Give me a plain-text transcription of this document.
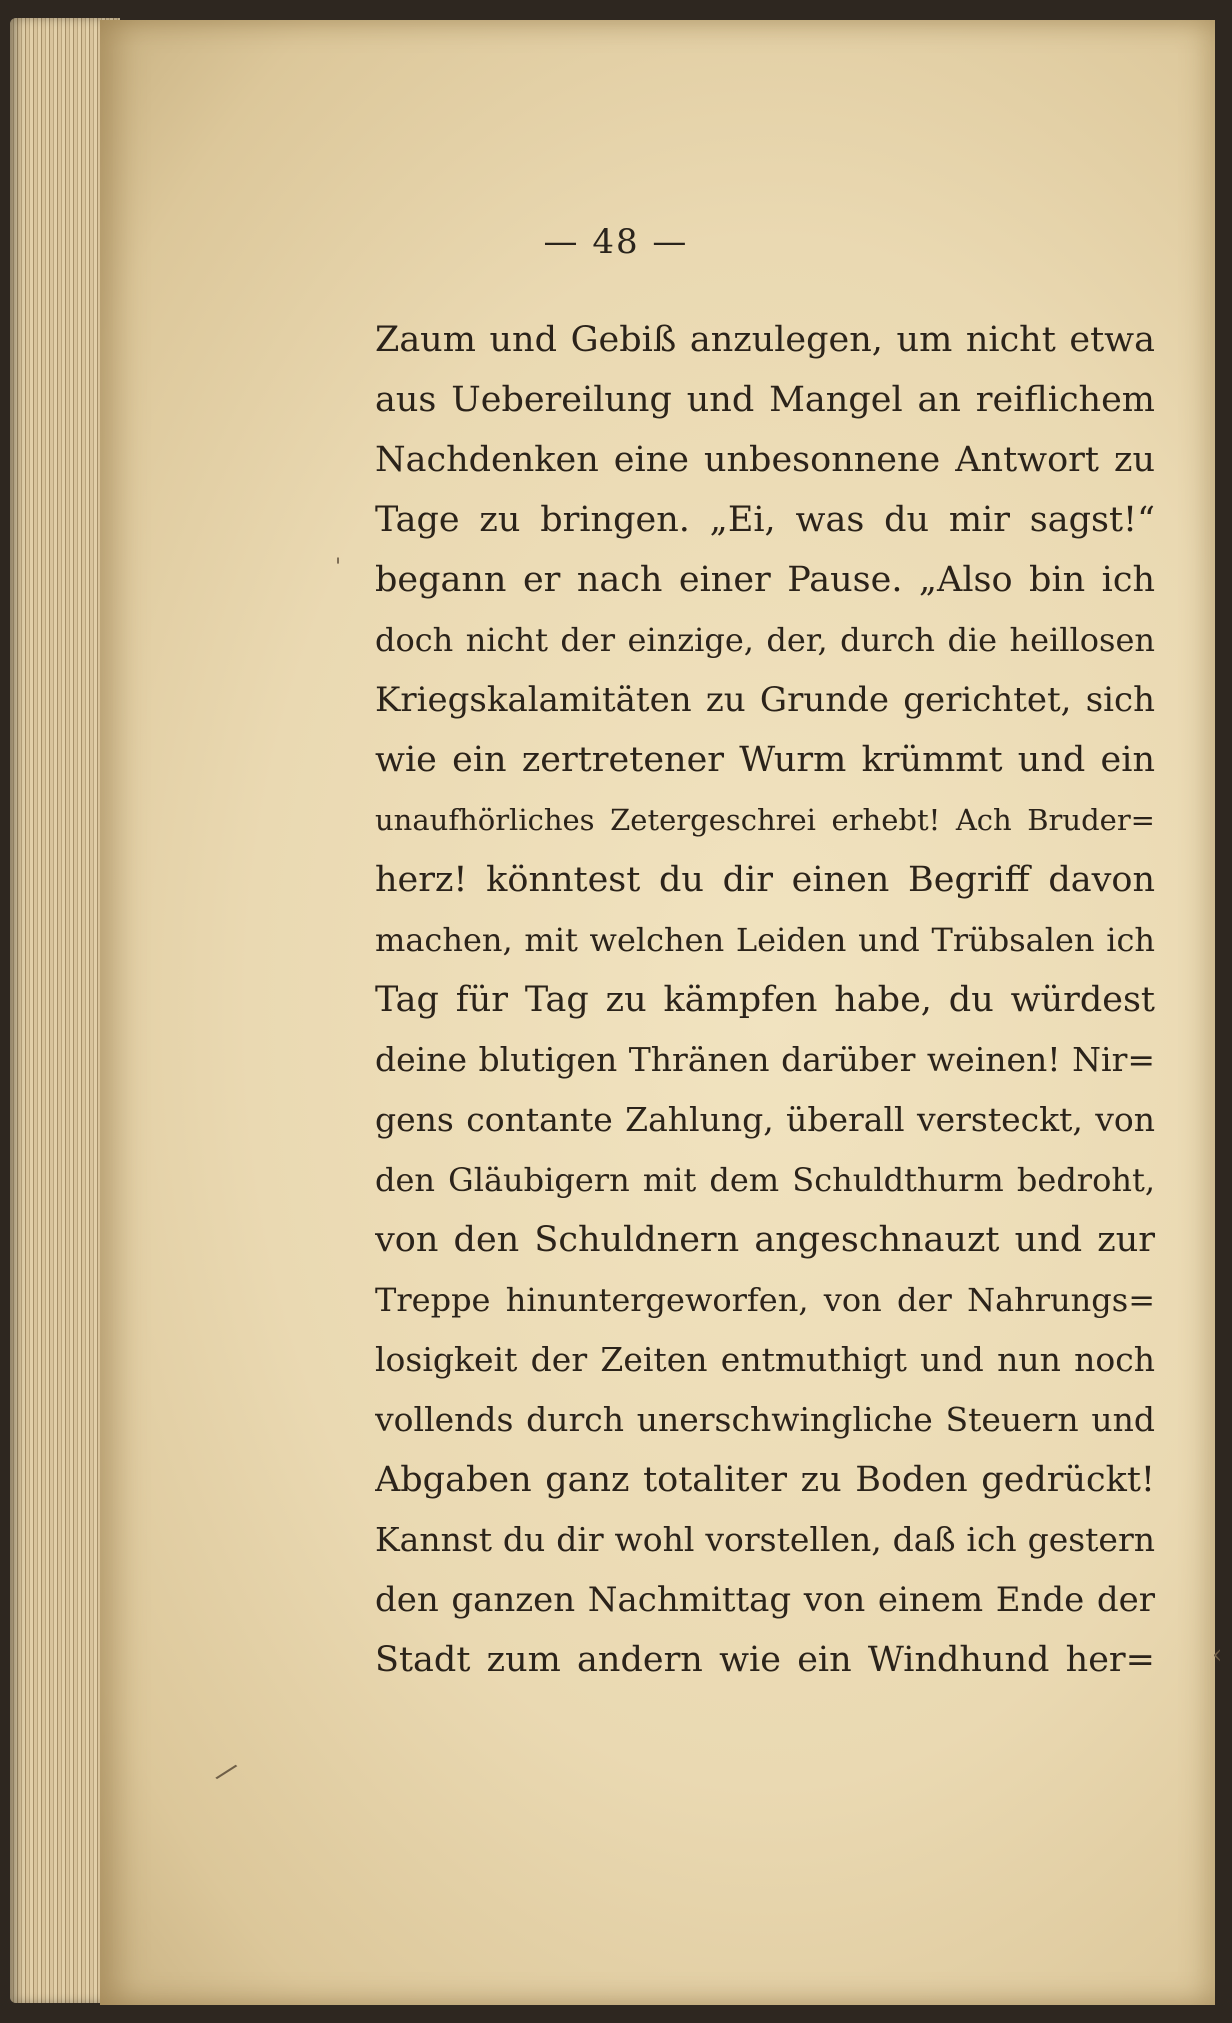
— 48 —
Zaum und Gebiß anzulegen, um nicht etwa
aus Uebereilung und Mangel an reiflichem
Nachdenken eine unbesonnene Antwort zu
Tage zu bringen. „Ei, was du mir sagst!“
begann er nach einer Pause. „Also bin ich
doch nicht der einzige, der, durch die heillosen
Kriegskalamitäten zu Grunde gerichtet, sich
wie ein zertretener Wurm krümmt und ein
unaufhörliches Zetergeschrei erhebt! Ach Bruder=
herz! könntest du dir einen Begriff davon
machen, mit welchen Leiden und Trübsalen ich
Tag für Tag zu kämpfen habe, du würdest
deine blutigen Thränen darüber weinen! Nir=
gens contante Zahlung, überall versteckt, von
den Gläubigern mit dem Schuldthurm bedroht,
von den Schuldnern angeschnauzt und zur
Treppe hinuntergeworfen, von der Nahrungs=
losigkeit der Zeiten entmuthigt und nun noch
vollends durch unerschwingliche Steuern und
Abgaben ganz totaliter zu Boden gedrückt!
Kannst du dir wohl vorstellen, daß ich gestern
den ganzen Nachmittag von einem Ende der
Stadt zum andern wie ein Windhund her= ‹
'
/
